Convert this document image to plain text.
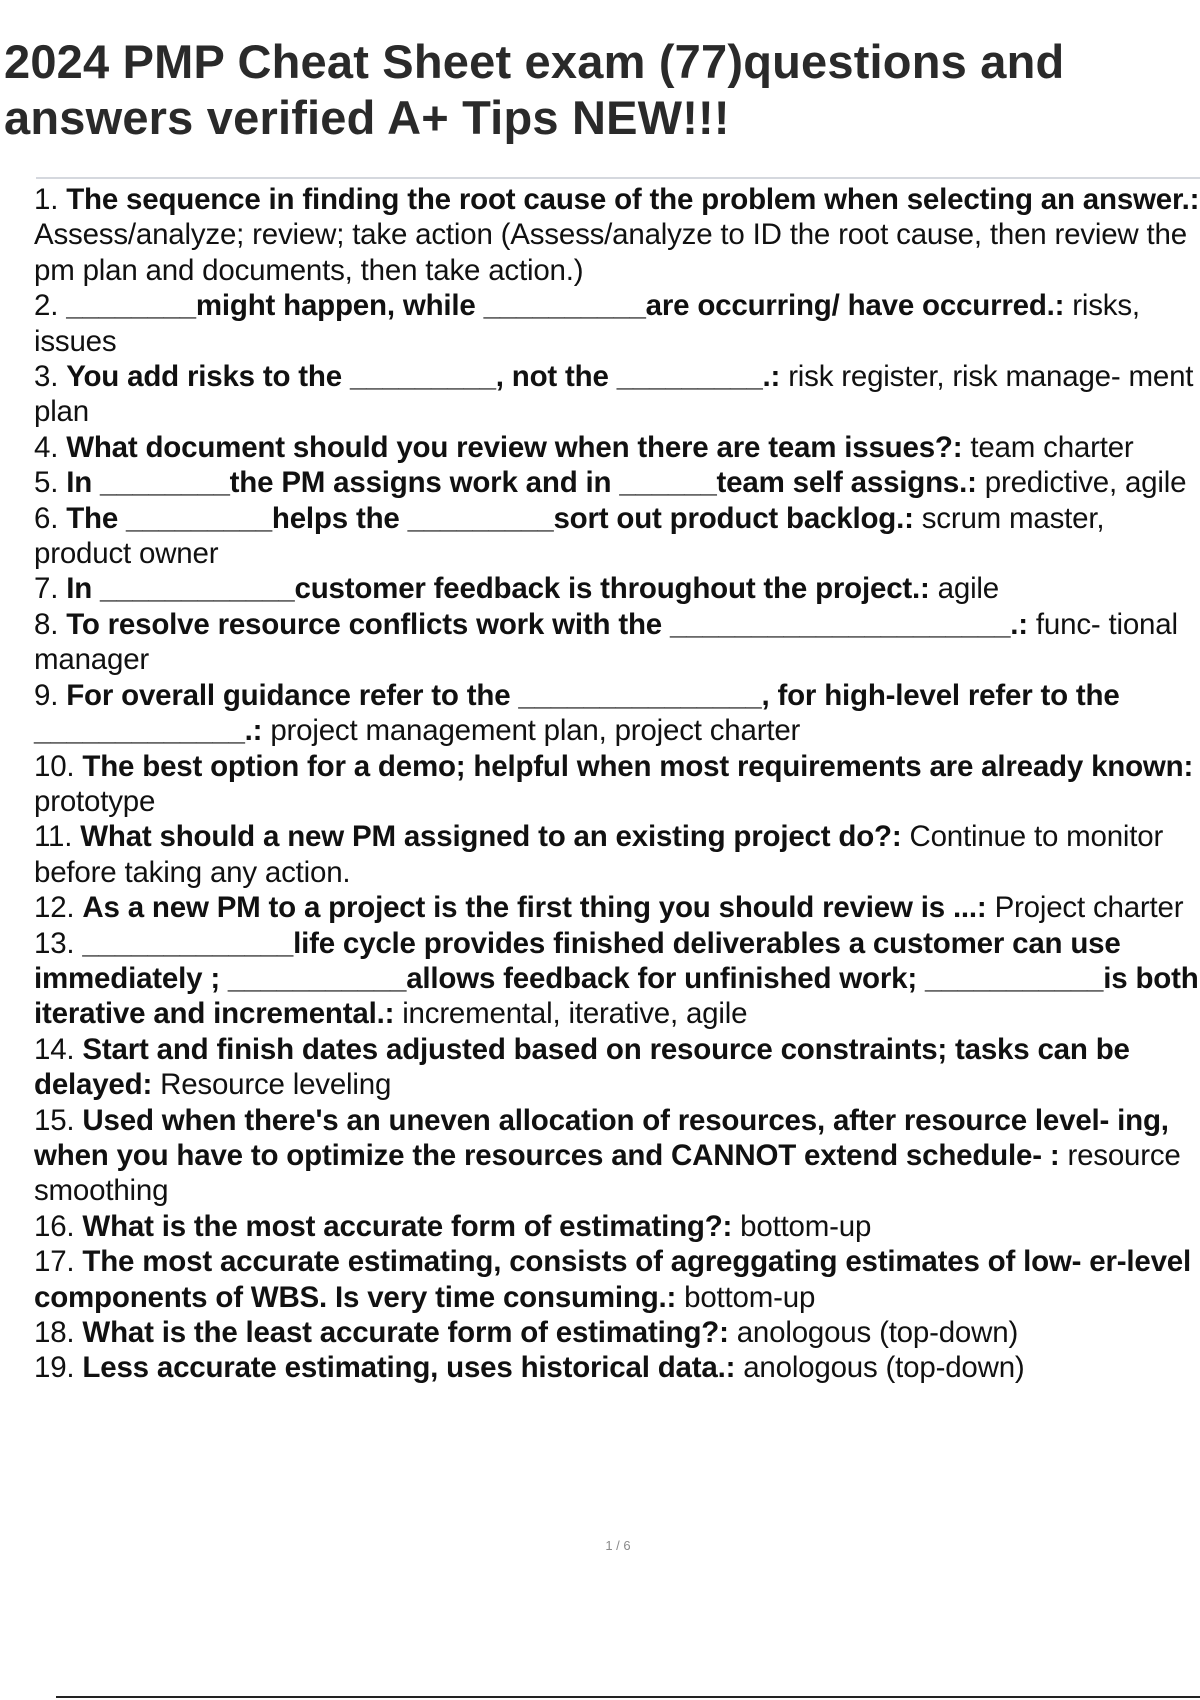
2024 PMP Cheat Sheet exam (77)questions and answers verified A+ Tips NEW!!!
1. The sequence in finding the root cause of the problem when selecting an answer.: Assess/analyze; review; take action (Assess/analyze to ID the root cause, then review the pm plan and documents, then take action.)
2. ________might happen, while __________are occurring/ have occurred.: risks, issues
3. You add risks to the _________, not the _________.: risk register, risk manage- ment plan
4. What document should you review when there are team issues?: team charter
5. In ________the PM assigns work and in ______team self assigns.: predictive, agile
6. The _________helps the _________sort out product backlog.: scrum master, product owner
7. In ____________customer feedback is throughout the project.: agile
8. To resolve resource conflicts work with the _____________________.: func- tional manager
9. For overall guidance refer to the _______________, for high-level refer to the _____________.: project management plan, project charter
10. The best option for a demo; helpful when most requirements are already known: prototype
11. What should a new PM assigned to an existing project do?: Continue to monitor before taking any action.
12. As a new PM to a project is the first thing you should review is ...: Project charter
13. _____________life cycle provides finished deliverables a customer can use immediately ; ___________allows feedback for unfinished work; ___________is both iterative and incremental.: incremental, iterative, agile
14. Start and finish dates adjusted based on resource constraints; tasks can be delayed: Resource leveling
15. Used when there's an uneven allocation of resources, after resource level- ing, when you have to optimize the resources and CANNOT extend schedule- : resource smoothing
16. What is the most accurate form of estimating?: bottom-up
17. The most accurate estimating, consists of agreggating estimates of low- er-level components of WBS. Is very time consuming.: bottom-up
18. What is the least accurate form of estimating?: anologous (top-down)
19. Less accurate estimating, uses historical data.: anologous (top-down)
1 / 6
